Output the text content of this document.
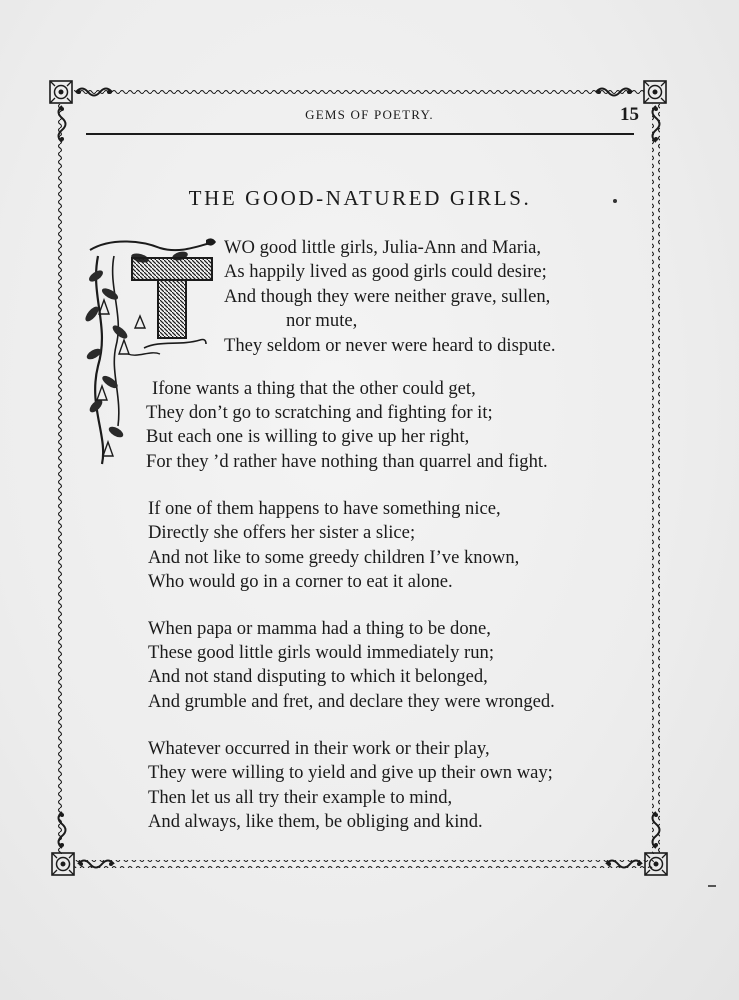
GEMS OF POETRY.	15
THE GOOD-NATURED GIRLS.
WO good little girls, Julia-Ann and Maria,
As happily lived as good girls could desire;
And though they were neither grave, sullen,
nor mute,
They seldom or never were heard to dispute.
Ifone wants a thing that the other could get,
They don’t go to scratching and fighting for it;
But each one is willing to give up her right,
For they ’d rather have nothing than quarrel and fight.
If one of them happens to have something nice,
Directly she offers her sister a slice;
And not like to some greedy children I’ve known,
Who would go in a corner to eat it alone.
When papa or mamma had a thing to be done,
These good little girls would immediately run;
And not stand disputing to which it belonged,
And grumble and fret, and declare they were wronged.
Whatever occurred in their work or their play,
They were willing to yield and give up their own way;
Then let us all try their example to mind,
And always, like them, be obliging and kind.
